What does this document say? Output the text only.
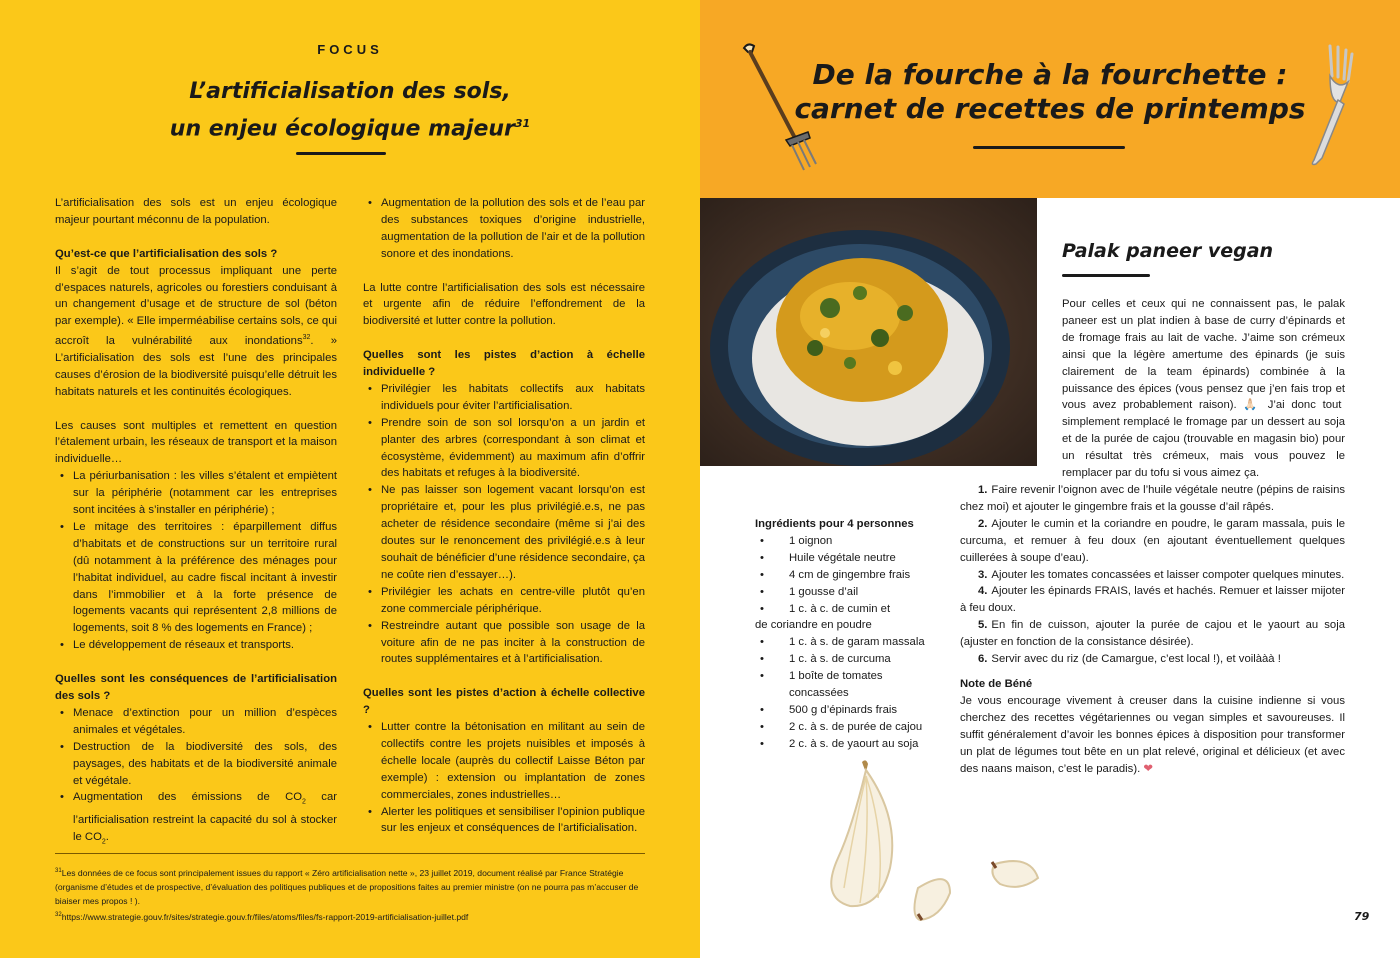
FOCUS
L’artificialisation des sols,
un enjeu écologique majeur$^{31}$

L’artificialisation des sols est un enjeu écologique majeur pourtant méconnu de la population.

Qu’est-ce que l’artificialisation des sols ?

Il s’agit de tout processus impliquant une perte d’espaces naturels, agricoles ou forestiers conduisant à un changement d’usage et de structure de sol (béton par exemple). « Elle imperméabilise certains sols, ce qui accroît la vulnérabilité aux inondations$^{32}$. » L’artificialisation des sols est l’une des principales causes d’érosion de la biodiversité puisqu’elle détruit les habitats naturels et les continuités écologiques.

Les causes sont multiples et remettent en question l’étalement urbain, les réseaux de transport et la maison individuelle…

• La périurbanisation : les villes s’étalent et empiètent sur la périphérie (notamment car les entreprises sont incitées à s’installer en périphérie) ;

• Le mitage des territoires : éparpillement diffus d’habitats et de constructions sur un territoire rural (dû notamment à la préférence des ménages pour l’habitat individuel, au cadre fiscal incitant à investir dans l’immobilier et à la forte présence de logements vacants qui représentent 2,8 millions de logements, soit 8 % des logements en France) ;

• Le développement de réseaux et transports.

Quelles sont les conséquences de l’artificialisation des sols ?

• Menace d’extinction pour un million d’espèces animales et végétales.

• Destruction de la biodiversité des sols, des paysages, des habitats et de la biodiversité animale et végétale.

• Augmentation des émissions de $CO_2$ car l’artificialisation restreint la capacité du sol à stocker le $CO_2$.

• Augmentation de la pollution des sols et de l’eau par des substances toxiques d’origine industrielle, augmentation de la pollution de l’air et de la pollution sonore et des inondations.

La lutte contre l’artificialisation des sols est nécessaire et urgente afin de réduire l’effondrement de la biodiversité et lutter contre la pollution.

Quelles sont les pistes d’action à échelle individuelle ?

• Privilégier les habitats collectifs aux habitats individuels pour éviter l’artificialisation.

• Prendre soin de son sol lorsqu’on a un jardin et planter des arbres (correspondant à son climat et écosystème, évidemment) au maximum afin d’offrir des habitats et refuges à la biodiversité.

• Ne pas laisser son logement vacant lorsqu’on est propriétaire et, pour les plus privilégié.e.s, ne pas acheter de résidence secondaire (même si j’ai des doutes sur le renoncement des privilégié.e.s à leur souhait de bénéficier d’une résidence secondaire, ça ne coûte rien d’essayer…).

• Privilégier les achats en centre-ville plutôt qu’en zone commerciale périphérique.

• Restreindre autant que possible son usage de la voiture afin de ne pas inciter à la construction de routes supplémentaires et à l’artificialisation.

Quelles sont les pistes d’action à échelle collective ?

• Lutter contre la bétonisation en militant au sein de collectifs contre les projets nuisibles et imposés à échelle locale (auprès du collectif Laisse Béton par exemple) : extension ou implantation de zones commerciales, zones industrielles…

• Alerter les politiques et sensibiliser l’opinion publique sur les enjeux et conséquences de l’artificialisation.

$^{31}$Les données de ce focus sont principalement issues du rapport « Zéro artificialisation nette », 23 juillet 2019, document réalisé par France Stratégie (organisme d’études et de prospective, d’évaluation des politiques publiques et de propositions faites au premier ministre (on ne pourra pas m’accuser de biaiser mes propos ! ).

$^{32}$https://www.strategie.gouv.fr/sites/strategie.gouv.fr/files/atoms/files/fs-rapport-2019-artificialisation-juillet.pdf

De la fourche à la fourchette :
carnet de recettes de printemps
Palak paneer vegan

Pour celles et ceux qui ne connaissent pas, le palak paneer est un plat indien à base de curry d’épinards et de fromage frais au lait de vache. J’aime son crémeux ainsi que la légère amertume des épinards (je suis clairement de la team épinards) combinée à la puissance des épices (vous pensez que j’en fais trop et vous avez probablement raison). 🙏🏻 J’ai donc tout simplement remplacé le fromage par un dessert au soja et de la purée de cajou (trouvable en magasin bio) pour un résultat très crémeux, mais vous pouvez le remplacer par du tofu si vous aimez ça.

Ingrédients pour 4 personnes

• 1 oignon

• Huile végétale neutre

• 4 cm de gingembre frais

• 1 gousse d’ail

• 1 c. à c. de cumin et

de coriandre en poudre

• 1 c. à s. de garam massala

• 1 c. à s. de curcuma

• 1 boîte de tomates concassées

• 500 g d’épinards frais

• 2 c. à s. de purée de cajou

• 2 c. à s. de yaourt au soja

1. Faire revenir l’oignon avec de l’huile végétale neutre (pépins de raisins chez moi) et ajouter le gingembre frais et la gousse d’ail râpés.

2. Ajouter le cumin et la coriandre en poudre, le garam massala, puis le curcuma, et remuer à feu doux (en ajoutant éventuellement quelques cuillerées à soupe d’eau).

3. Ajouter les tomates concassées et laisser compoter quelques minutes.

4. Ajouter les épinards FRAIS, lavés et hachés. Remuer et laisser mijoter à feu doux.

5. En fin de cuisson, ajouter la purée de cajou et le yaourt au soja (ajuster en fonction de la consistance désirée).

6. Servir avec du riz (de Camargue, c’est local !), et voilààà !

Note de Béné

Je vous encourage vivement à creuser dans la cuisine indienne si vous cherchez des recettes végétariennes ou vegan simples et savoureuses. Il suffit généralement d’avoir les bonnes épices à disposition pour transformer un plat de légumes tout bête en un plat relevé, original et délicieux (et avec des naans maison, c’est le paradis). ❤

79
